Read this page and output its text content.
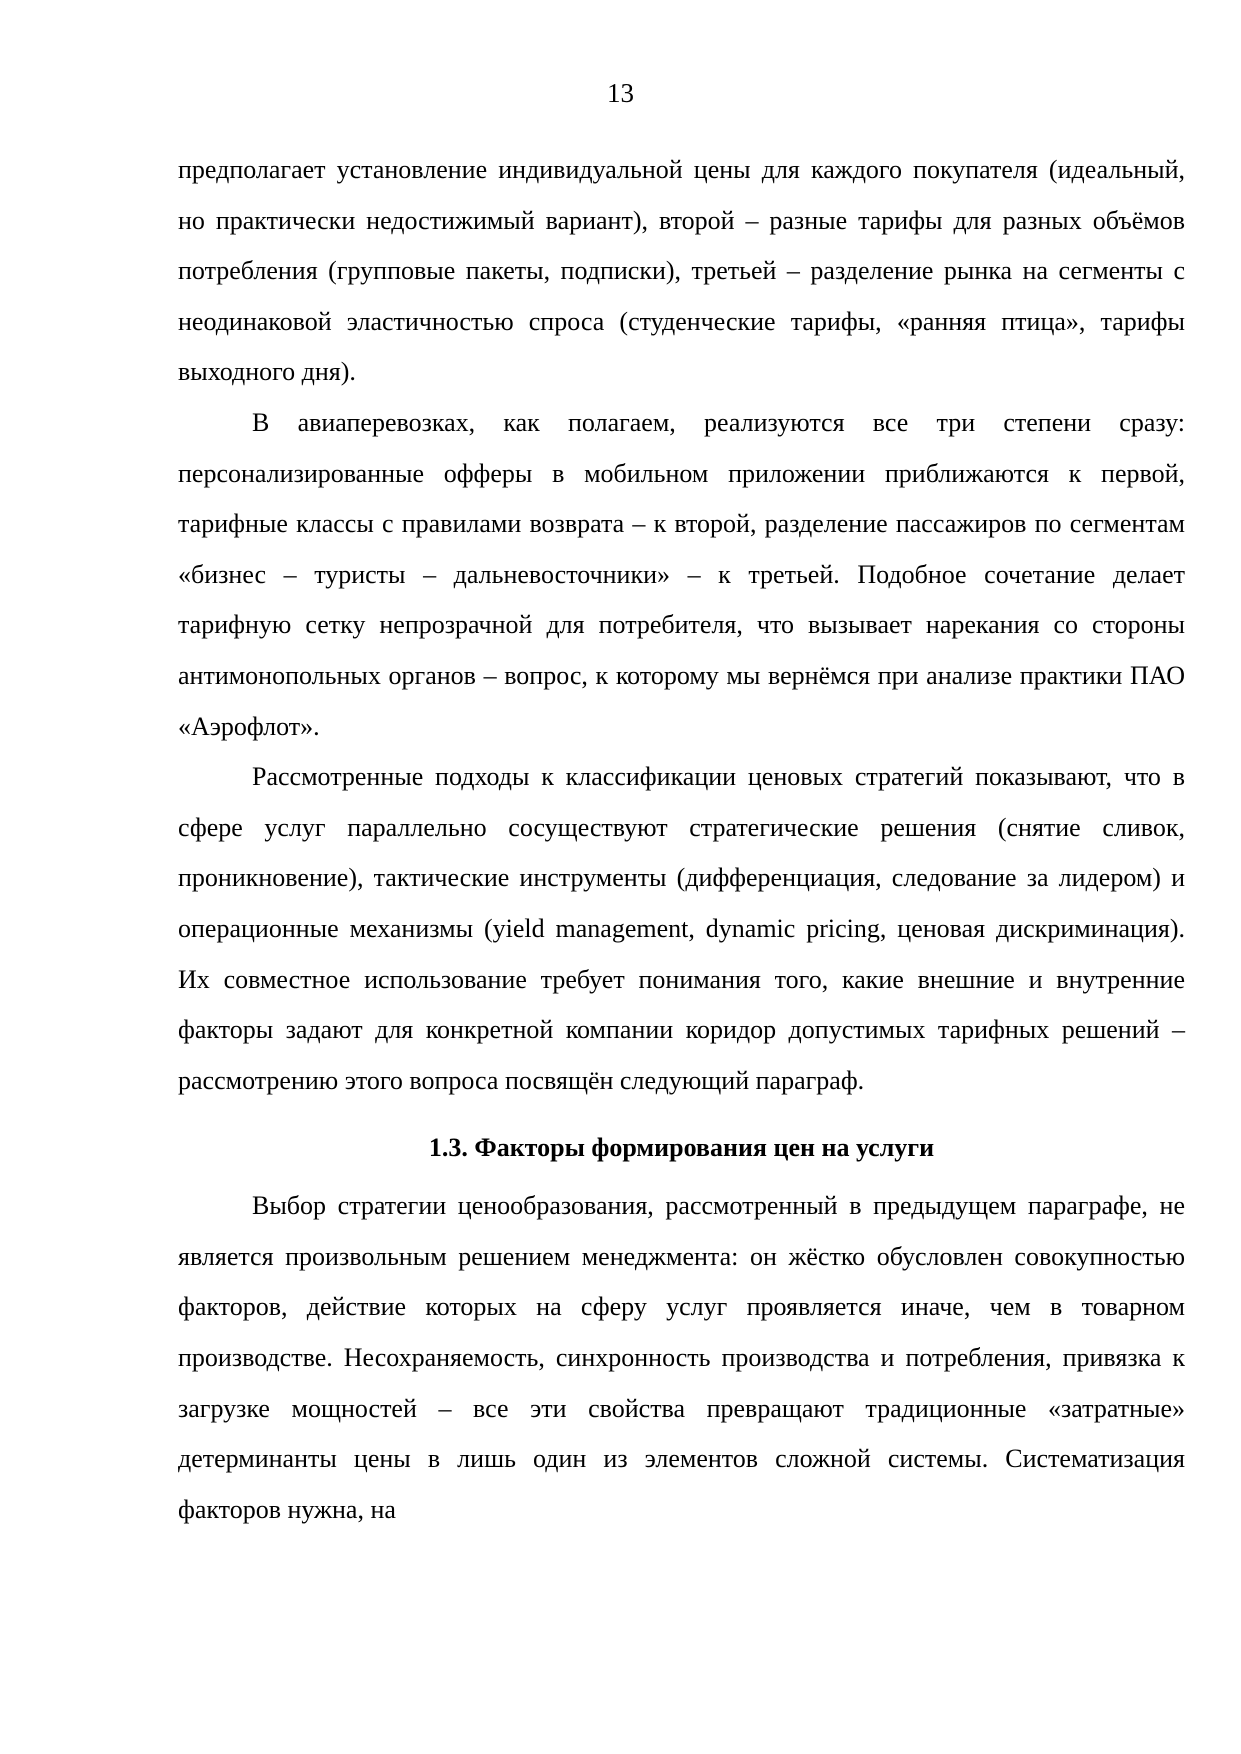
13

предполагает установление индивидуальной цены для каждого покупателя (идеальный, но практически недостижимый вариант), второй – разные тарифы для разных объёмов потребления (групповые пакеты, подписки), третьей – разделение рынка на сегменты с неодинаковой эластичностью спроса (студенческие тарифы, «ранняя птица», тарифы выходного дня).

В авиаперевозках, как полагаем, реализуются все три степени сразу: персонализированные офферы в мобильном приложении приближаются к первой, тарифные классы с правилами возврата – к второй, разделение пассажиров по сегментам «бизнес – туристы – дальневосточники» – к третьей. Подобное сочетание делает тарифную сетку непрозрачной для потребителя, что вызывает нарекания со стороны антимонопольных органов – вопрос, к которому мы вернёмся при анализе практики ПАО «Аэрофлот».

Рассмотренные подходы к классификации ценовых стратегий показывают, что в сфере услуг параллельно сосуществуют стратегические решения (снятие сливок, проникновение), тактические инструменты (дифференциация, следование за лидером) и операционные механизмы (yield management, dynamic pricing, ценовая дискриминация). Их совместное использование требует понимания того, какие внешние и внутренние факторы задают для конкретной компании коридор допустимых тарифных решений – рассмотрению этого вопроса посвящён следующий параграф.

1.3. Факторы формирования цен на услуги

Выбор стратегии ценообразования, рассмотренный в предыдущем параграфе, не является произвольным решением менеджмента: он жёстко обусловлен совокупностью факторов, действие которых на сферу услуг проявляется иначе, чем в товарном производстве. Несохраняемость, синхронность производства и потребления, привязка к загрузке мощностей – все эти свойства превращают традиционные «затратные» детерминанты цены в лишь один из элементов сложной системы. Систематизация факторов нужна, на
